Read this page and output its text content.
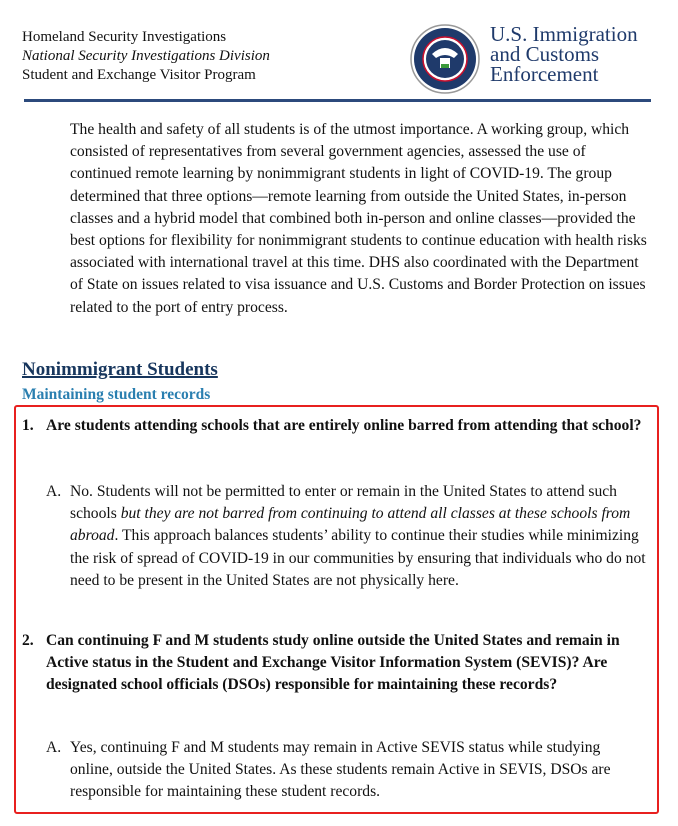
Homeland Security Investigations
National Security Investigations Division
Student and Exchange Visitor Program
U.S. Immigration
and Customs
Enforcement

The health and safety of all students is of the utmost importance. A working group, which consisted of representatives from several government agencies, assessed the use of continued remote learning by nonimmigrant students in light of COVID-19. The group determined that three options—remote learning from outside the United States, in-person classes and a hybrid model that combined both in-person and online classes—provided the best options for flexibility for nonimmigrant students to continue education with health risks associated with international travel at this time. DHS also coordinated with the Department of State on issues related to visa issuance and U.S. Customs and Border Protection on issues related to the port of entry process.

Nonimmigrant Students
Maintaining student records
1. Are students attending schools that are entirely online barred from attending that school?
A. No. Students will not be permitted to enter or remain in the United States to attend such schools but they are not barred from continuing to attend all classes at these schools from abroad. This approach balances students’ ability to continue their studies while minimizing the risk of spread of COVID-19 in our communities by ensuring that individuals who do not need to be present in the United States are not physically here.
2. Can continuing F and M students study online outside the United States and remain in Active status in the Student and Exchange Visitor Information System (SEVIS)? Are designated school officials (DSOs) responsible for maintaining these records?
A. Yes, continuing F and M students may remain in Active SEVIS status while studying online, outside the United States. As these students remain Active in SEVIS, DSOs are responsible for maintaining these student records.
